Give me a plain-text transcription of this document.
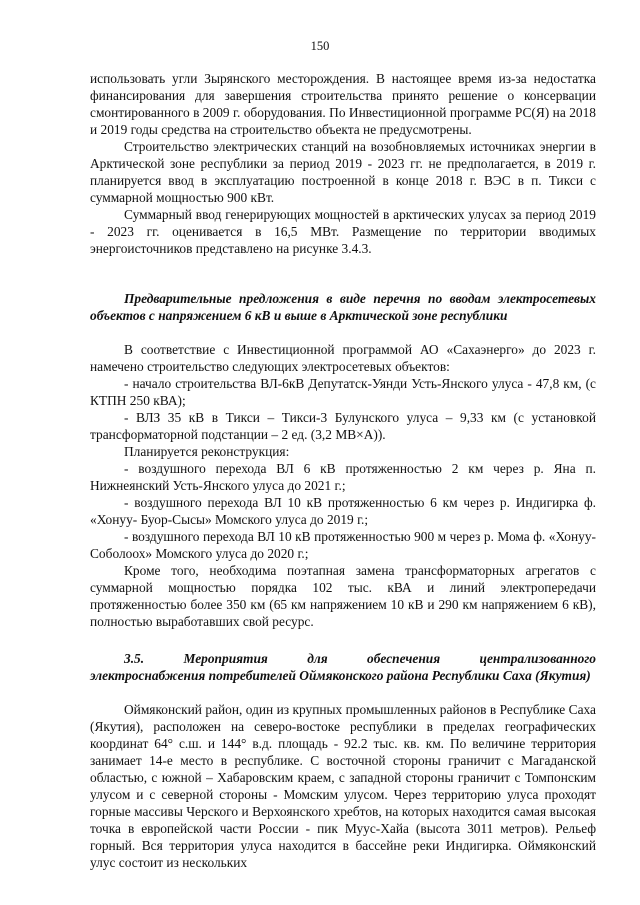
150

использовать угли Зырянского месторождения. В настоящее время из-за недостатка финансирования для завершения строительства принято решение о консервации смонтированного в 2009 г. оборудования. По Инвестиционной программе РС(Я) на 2018 и 2019 годы средства на строительство объекта не предусмотрены.

Строительство электрических станций на возобновляемых источниках энергии в Арктической зоне республики за период 2019 - 2023 гг. не предполагается, в 2019 г. планируется ввод в эксплуатацию построенной в конце 2018 г. ВЭС в п. Тикси с суммарной мощностью 900 кВт.

Суммарный ввод генерирующих мощностей в арктических улусах за период 2019 - 2023 гг. оценивается в 16,5 МВт. Размещение по территории вводимых энергоисточников представлено на рисунке 3.4.3.

Предварительные предложения в виде перечня по вводам электросетевых объектов с напряжением 6 кВ и выше в Арктической зоне республики

В соответствие с Инвестиционной программой АО «Сахаэнерго» до 2023 г. намечено строительство следующих электросетевых объектов:

- начало строительства ВЛ-6кВ Депутатск-Уянди Усть-Янского улуса - 47,8 км, (с КТПН 250 кВА);

- ВЛЗ 35 кВ в Тикси – Тикси-3 Булунского улуса – 9,33 км (с установкой трансформаторной подстанции – 2 ед. (3,2 МВ×А)).

Планируется реконструкция:

- воздушного перехода ВЛ 6 кВ протяженностью 2 км через р. Яна п. Нижнеянский Усть-Янского улуса до 2021 г.;

- воздушного перехода ВЛ 10 кВ протяженностью 6 км через р. Индигирка ф. «Хонуу- Буор-Сысы» Момского улуса до 2019 г.;

- воздушного перехода ВЛ 10 кВ протяженностью 900 м через р. Мома ф. «Хонуу- Соболоох» Момского улуса до 2020 г.;

Кроме того, необходима поэтапная замена трансформаторных агрегатов с суммарной мощностью порядка 102 тыс. кВА и линий электропередачи протяженностью более 350 км (65 км напряжением 10 кВ и 290 км напряжением 6 кВ), полностью выработавших свой ресурс.

3.5.	Мероприятия	для	обеспечения	централизованного
электроснабжения потребителей Оймяконского района Республики Саха (Якутия)

Оймяконский район, один из крупных промышленных районов в Республике Саха (Якутия), расположен на северо-востоке республики в пределах географических координат 64° с.ш. и 144° в.д. площадь - 92.2 тыс. кв. км. По величине территория занимает 14-е место в республике. С восточной стороны граничит с Магаданской областью, с южной – Хабаровским краем, с западной стороны граничит с Томпонским улусом и с северной стороны - Момским улусом. Через территорию улуса проходят горные массивы Черского и Верхоянского хребтов, на которых находится самая высокая точка в европейской части России - пик Муус-Хайа (высота 3011 метров). Рельеф горный. Вся территория улуса находится в бассейне реки Индигирка. Оймяконский улус состоит из нескольких
